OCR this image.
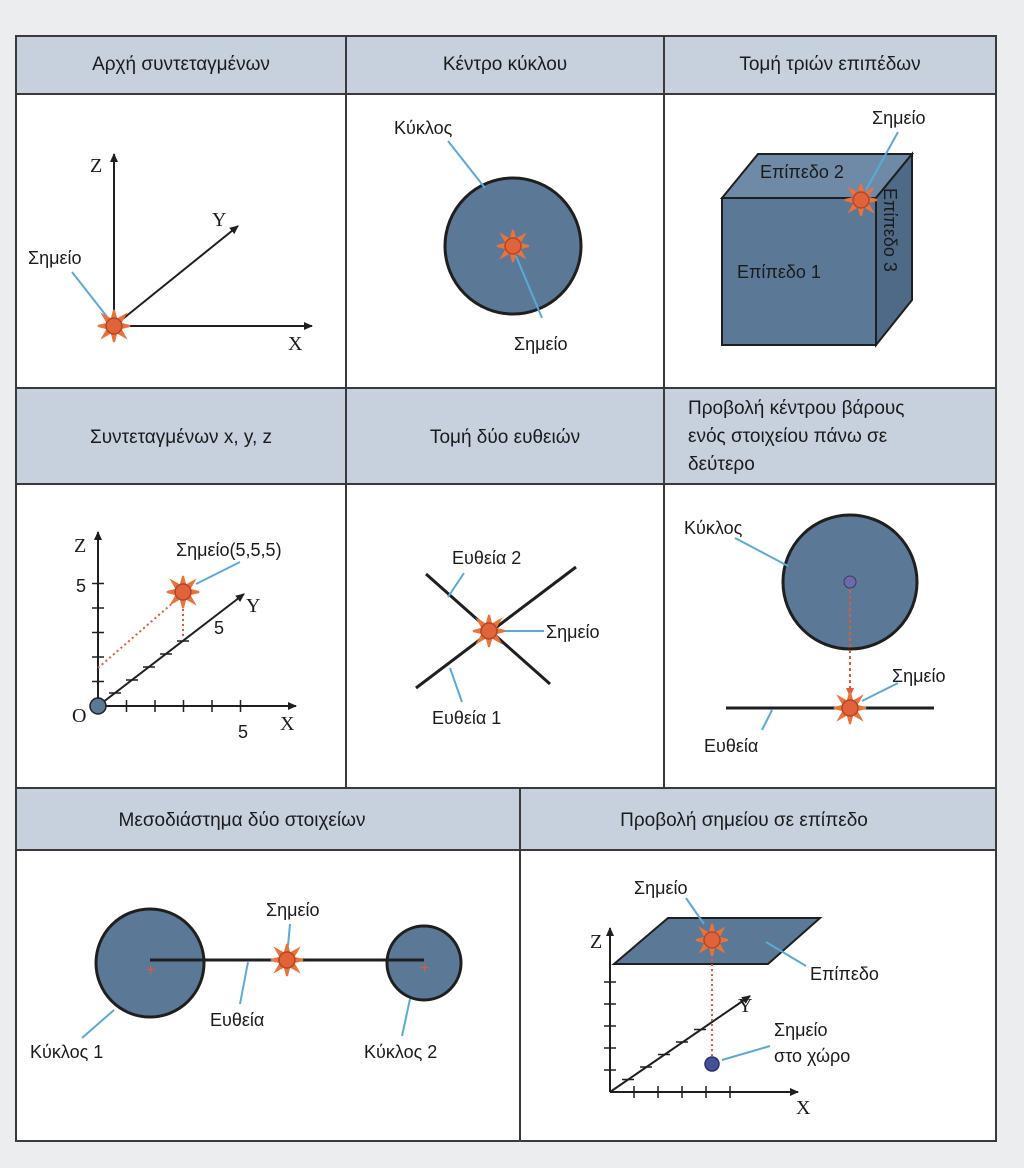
Αρχή συντεταγμένων	Κέντρο κύκλου	Τομή τριών επιπέδων
Z
Y
X
Σημείο
Κύκλος
Σημείο
Επίπεδο 1
Επίπεδο 2
Επίπεδο 3
Σημείο
Συντεταγμένων x, y, z	Τομή δύο ευθειών
Προβολή κέντρου βάρους
ενός στοιχείου πάνω σε
δεύτερο
Z
Y
X
O
5
5
5
Σημείο(5,5,5)	Ευθεία 2
Ευθεία 1
Σημείο
Κύκλος
Σημείο
Ευθεία
Μεσοδιάστημα δύο στοιχείων	Προβολή σημείου σε επίπεδο
+	+
Σημείο
Ευθεία
Κύκλος 1	Κύκλος 2
Z
Y
X
Σημείο
Επίπεδο
Σημείο
στο χώρο
